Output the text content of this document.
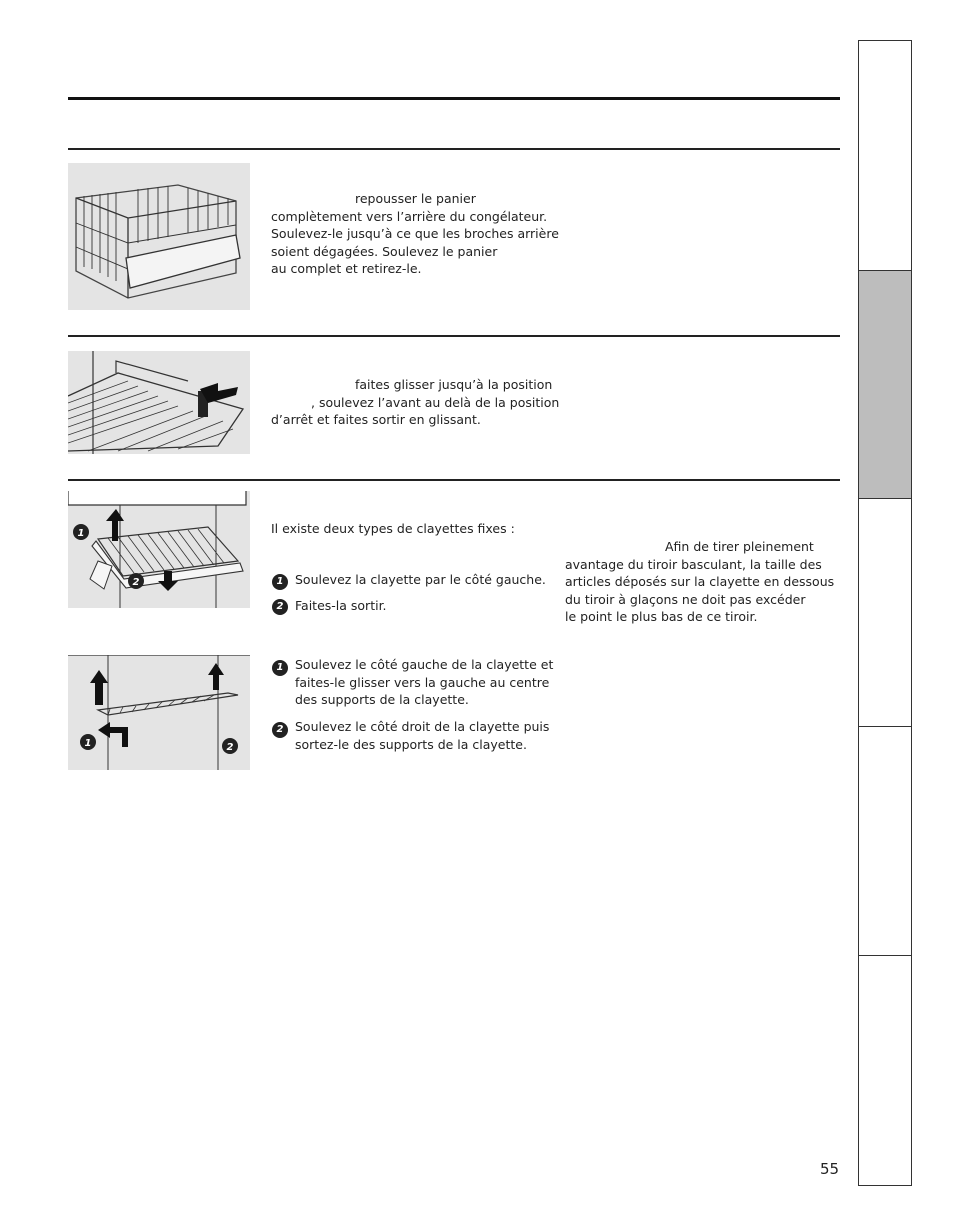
repousser le panier
complètement vers l’arrière du congélateur.
Soulevez-le jusqu’à ce que les broches arrière
soient dégagées. Soulevez le panier
au complet et retirez-le.
faites glisser jusqu’à la position
, soulevez l’avant au delà de la position
d’arrêt et faites sortir en glissant.
1
2
Il existe deux types de clayettes fixes :
1 Soulevez la clayette par le côté gauche.
2 Faites-la sortir.
Afin de tirer pleinement
avantage du tiroir basculant, la taille des
articles déposés sur la clayette en dessous
du tiroir à glaçons ne doit pas excéder
le point le plus bas de ce tiroir.
1	2
1 Soulevez le côté gauche de la clayette et
faites-le glisser vers la gauche au centre
des supports de la clayette.
2 Soulevez le côté droit de la clayette puis
sortez-le des supports de la clayette.
55
